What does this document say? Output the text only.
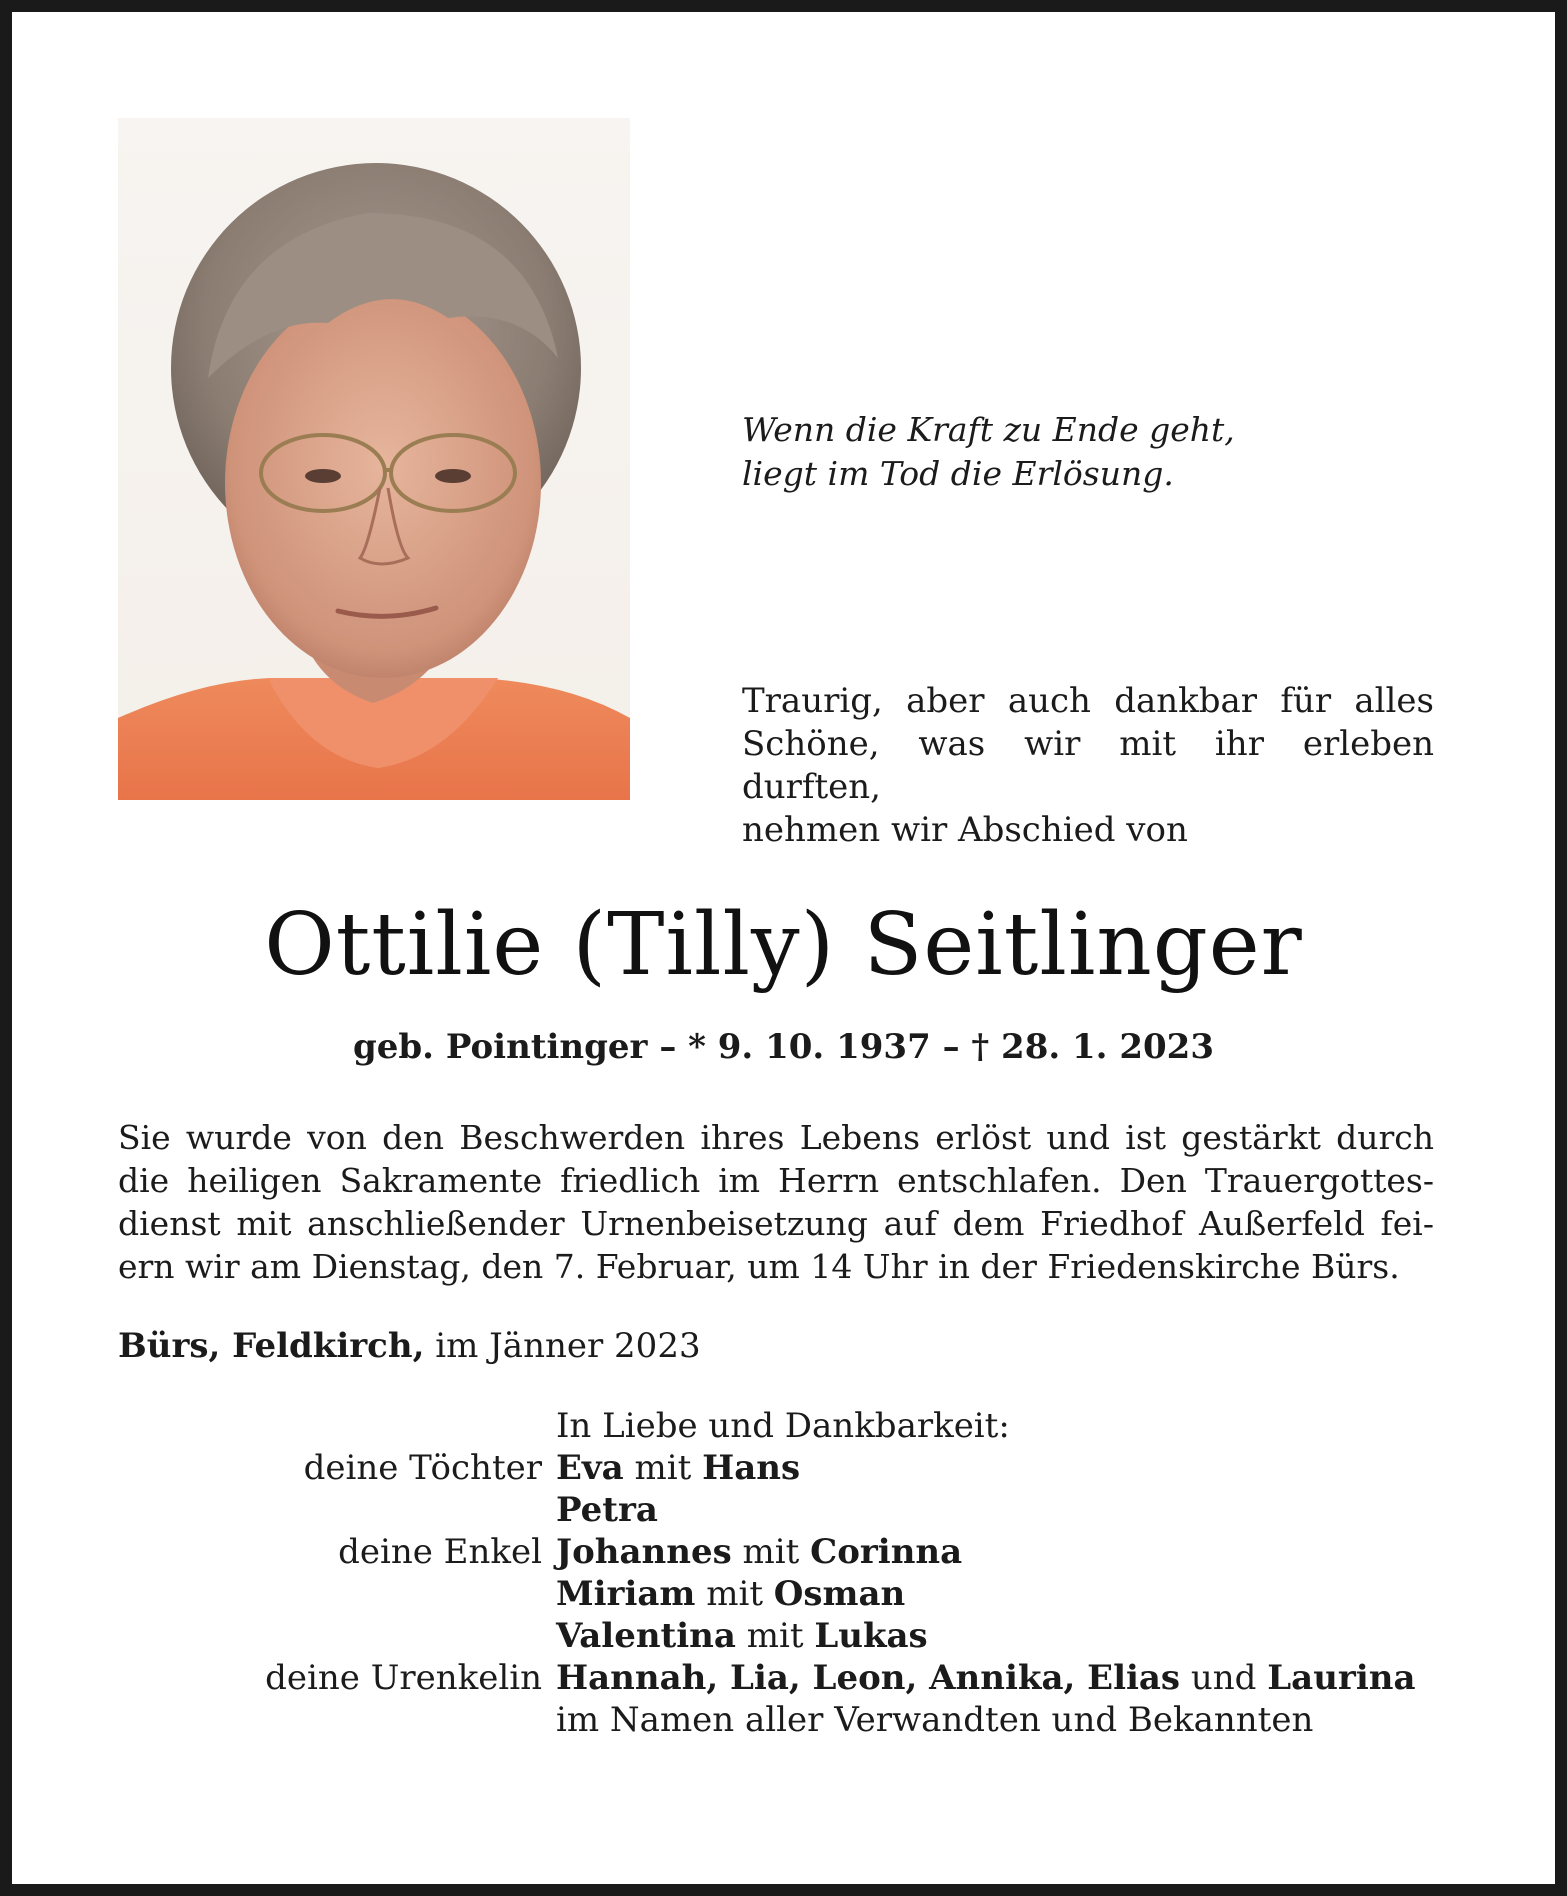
Wenn die Kraft zu Ende geht,
liegt im Tod die Erlösung.
Traurig, aber auch dankbar für alles
Schöne, was wir mit ihr erleben durften,
nehmen wir Abschied von
Ottilie (Tilly) Seitlinger
geb. Pointinger – * 9. 10. 1937 – † 28. 1. 2023
Sie wurde von den Beschwerden ihres Lebens erlöst und ist gestärkt durch
die heiligen Sakramente friedlich im Herrn entschlafen. Den Trauergottes-
dienst mit anschließender Urnenbeisetzung auf dem Friedhof Außerfeld fei-
ern wir am Dienstag, den 7. Februar, um 14 Uhr in der Friedenskirche Bürs.
Bürs, Feldkirch, im Jänner 2023
In Liebe und Dankbarkeit:
deine Töchter Eva mit Hans
Petra
deine Enkel Johannes mit Corinna
Miriam mit Osman
Valentina mit Lukas
deine Urenkelin Hannah, Lia, Leon, Annika, Elias und Laurina
im Namen aller Verwandten und Bekannten
